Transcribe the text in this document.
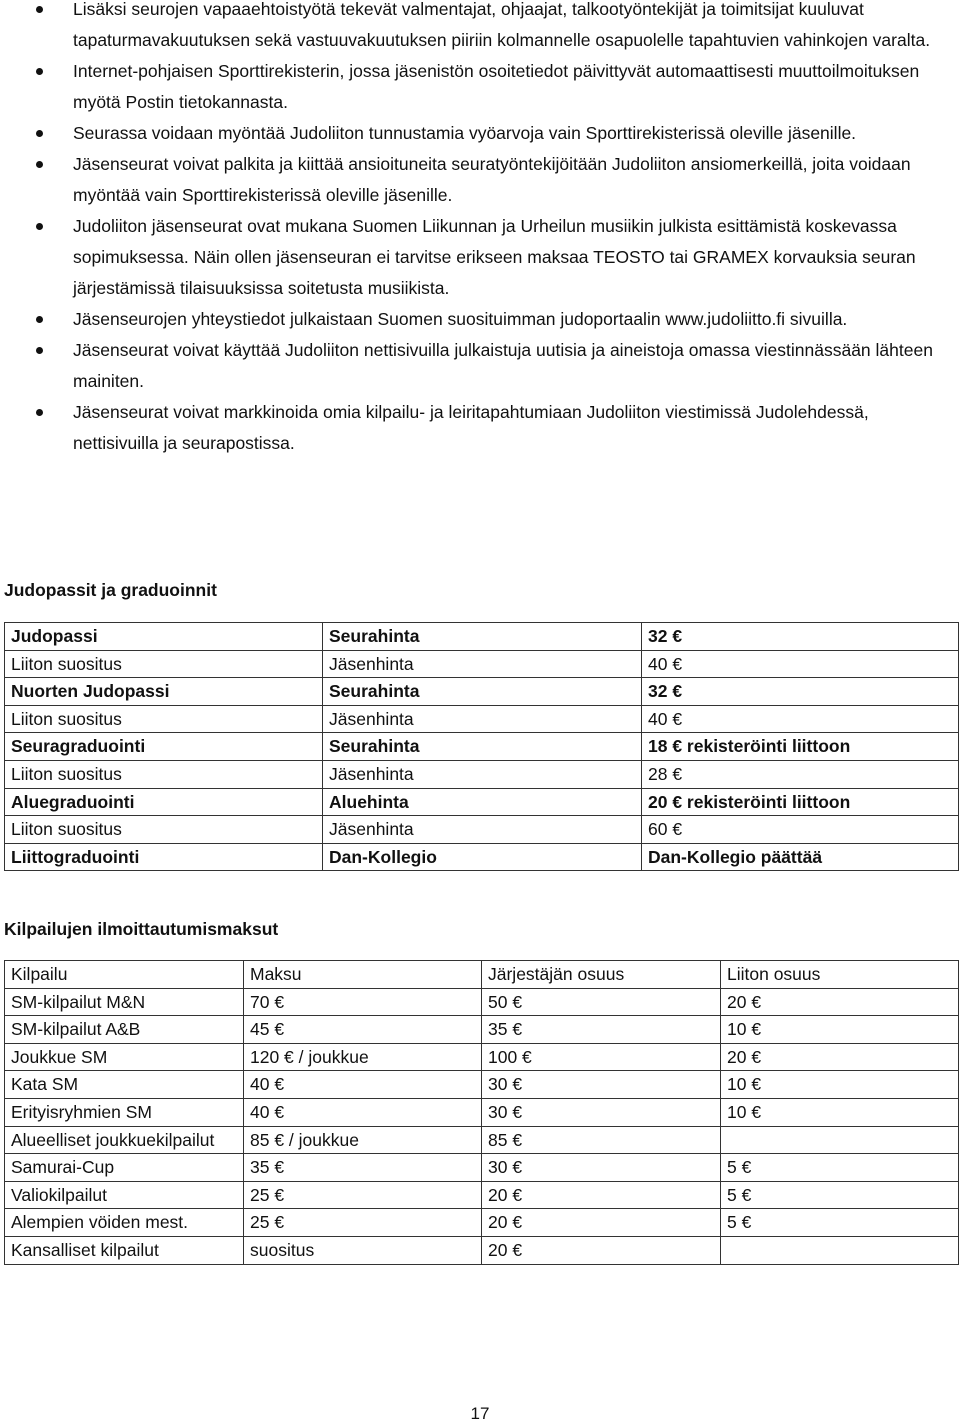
Lisäksi seurojen vapaaehtoistyötä tekevät valmentajat, ohjaajat, talkootyöntekijät ja toimitsijat kuuluvat tapaturmavakuutuksen sekä vastuuvakuutuksen piiriin kolmannelle osapuolelle tapahtuvien vahinkojen varalta.
Internet-pohjaisen Sporttirekisterin, jossa jäsenistön osoitetiedot päivittyvät automaattisesti muuttoilmoituksen myötä Postin tietokannasta.
Seurassa voidaan myöntää Judoliiton tunnustamia vyöarvoja vain Sporttirekisterissä oleville jäsenille.
Jäsenseurat voivat palkita ja kiittää ansioituneita seuratyöntekijöitään Judoliiton ansiomerkeillä, joita voidaan myöntää vain Sporttirekisterissä oleville jäsenille.
Judoliiton jäsenseurat ovat mukana Suomen Liikunnan ja Urheilun musiikin julkista esittämistä koskevassa sopimuksessa. Näin ollen jäsenseuran ei tarvitse erikseen maksaa TEOSTO tai GRAMEX korvauksia seuran järjestämissä tilaisuuksissa soitetusta musiikista.
Jäsenseurojen yhteystiedot julkaistaan Suomen suosituimman judoportaalin www.judoliitto.fi sivuilla.
Jäsenseurat voivat käyttää Judoliiton nettisivuilla julkaistuja uutisia ja aineistoja omassa viestinnässään lähteen mainiten.
Jäsenseurat voivat markkinoida omia kilpailu- ja leiritapahtumiaan Judoliiton viestimissä Judolehdessä, nettisivuilla ja seurapostissa.
Judopassit ja graduoinnit
Judopassi	Seurahinta	32 €
Liiton suositus	Jäsenhinta	40 €
Nuorten Judopassi	Seurahinta	32 €
Liiton suositus	Jäsenhinta	40 €
Seuragraduointi	Seurahinta	18 € rekisteröinti liittoon
Liiton suositus	Jäsenhinta	28 €
Aluegraduointi	Aluehinta	20 € rekisteröinti liittoon
Liiton suositus	Jäsenhinta	60 €
Liittograduointi	Dan-Kollegio	Dan-Kollegio päättää
Kilpailujen ilmoittautumismaksut
Kilpailu	Maksu	Järjestäjän osuus	Liiton osuus
SM-kilpailut M&N	70 €	50 €	20 €
SM-kilpailut A&B	45 €	35 €	10 €
Joukkue SM	120 € / joukkue	100 €	20 €
Kata SM	40 €	30 €	10 €
Erityisryhmien SM	40 €	30 €	10 €
Alueelliset joukkuekilpailut	85 € / joukkue	85 €	
Samurai-Cup	35 €	30 €	5 €
Valiokilpailut	25 €	20 €	5 €
Alempien vöiden mest.	25 €	20 €	5 €
Kansalliset kilpailut	suositus	20 €	
17
